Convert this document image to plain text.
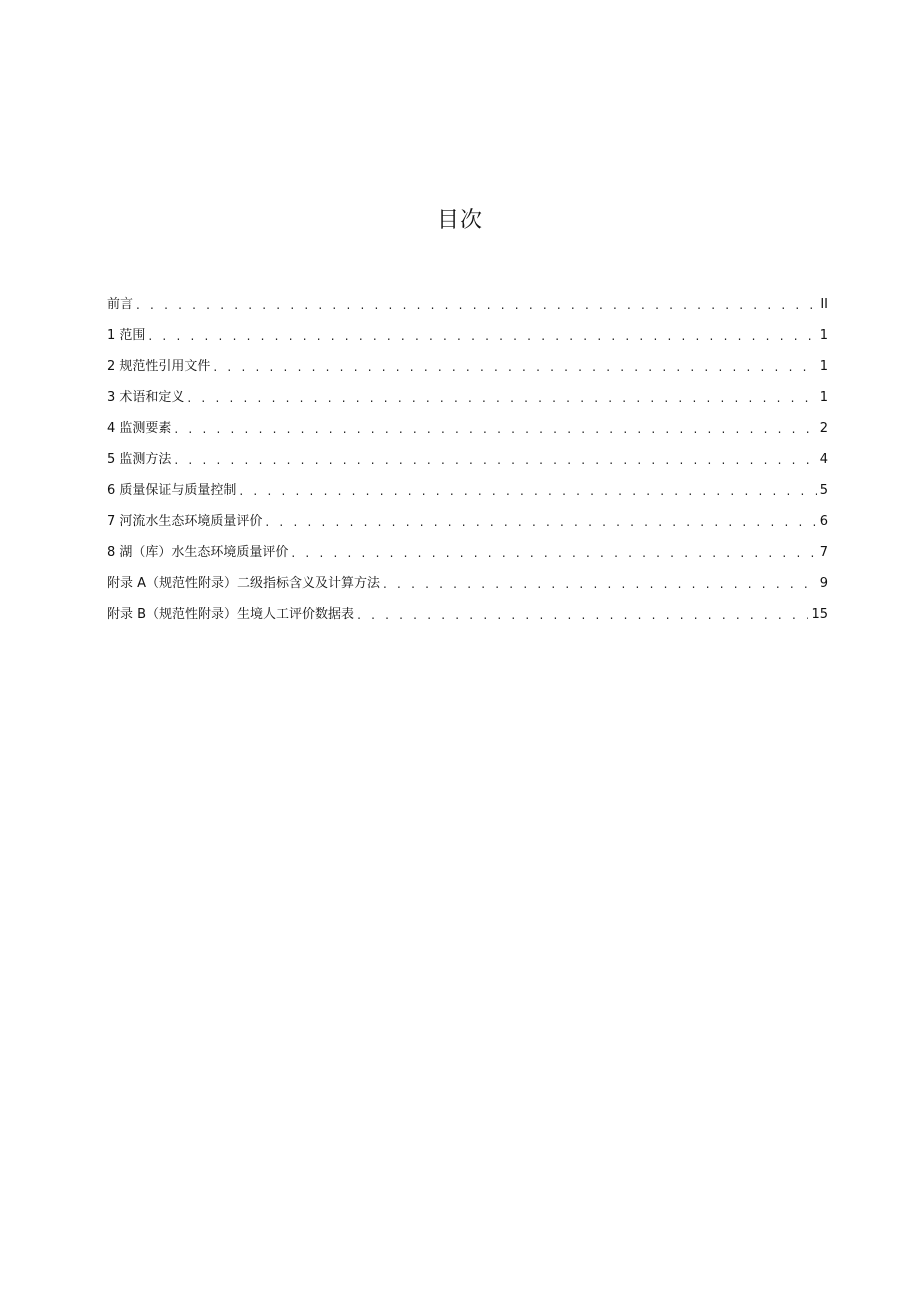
目次
前言 . . .	II
1 范围 . . .	1
2 规范性引用文件 . . .	1
3 术语和定义 . . .	1
4 监测要素 . . .	2
5 监测方法 . . .	4
6 质量保证与质量控制 . . .	5
7 河流水生态环境质量评价 . . .	6
8 湖（库）水生态环境质量评价 . . .	7
附录 A（规范性附录）二级指标含义及计算方法 . . .	9
附录 B（规范性附录）生境人工评价数据表 . . .	15
